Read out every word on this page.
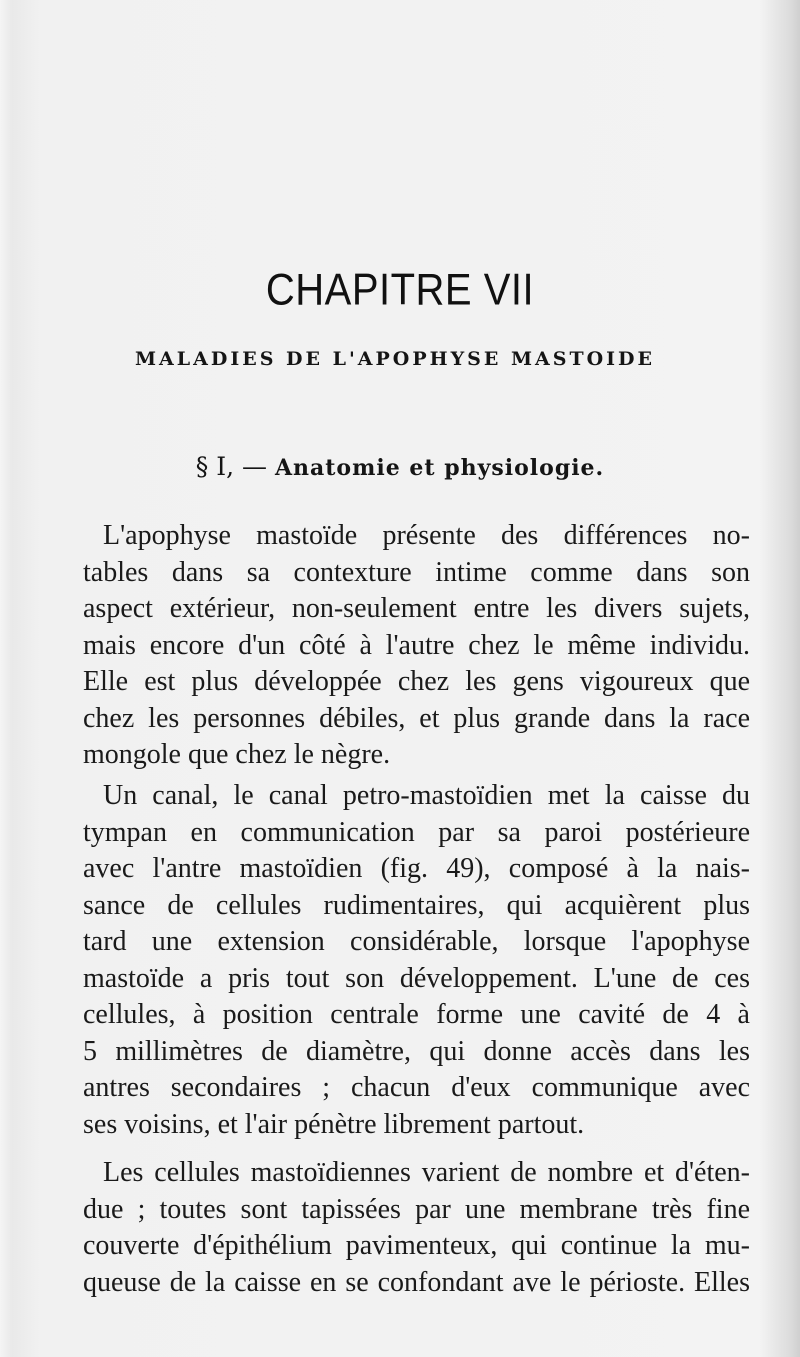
CHAPITRE VII
MALADIES DE L'APOPHYSE MASTOIDE
§ I, — Anatomie et physiologie.
L'apophyse mastoïde présente des différences no-
tables dans sa contexture intime comme dans son
aspect extérieur, non-seulement entre les divers sujets,
mais encore d'un côté à l'autre chez le même individu.
Elle est plus développée chez les gens vigoureux que
chez les personnes débiles, et plus grande dans la race
mongole que chez le nègre.
Un canal, le canal petro-mastoïdien met la caisse du
tympan en communication par sa paroi postérieure
avec l'antre mastoïdien (fig. 49), composé à la nais-
sance de cellules rudimentaires, qui acquièrent plus
tard une extension considérable, lorsque l'apophyse
mastoïde a pris tout son développement. L'une de ces
cellules, à position centrale forme une cavité de 4 à
5 millimètres de diamètre, qui donne accès dans les
antres secondaires ; chacun d'eux communique avec
ses voisins, et l'air pénètre librement partout.
Les cellules mastoïdiennes varient de nombre et d'éten-
due ; toutes sont tapissées par une membrane très fine
couverte d'épithélium pavimenteux, qui continue la mu-
queuse de la caisse en se confondant ave le périoste. Elles
